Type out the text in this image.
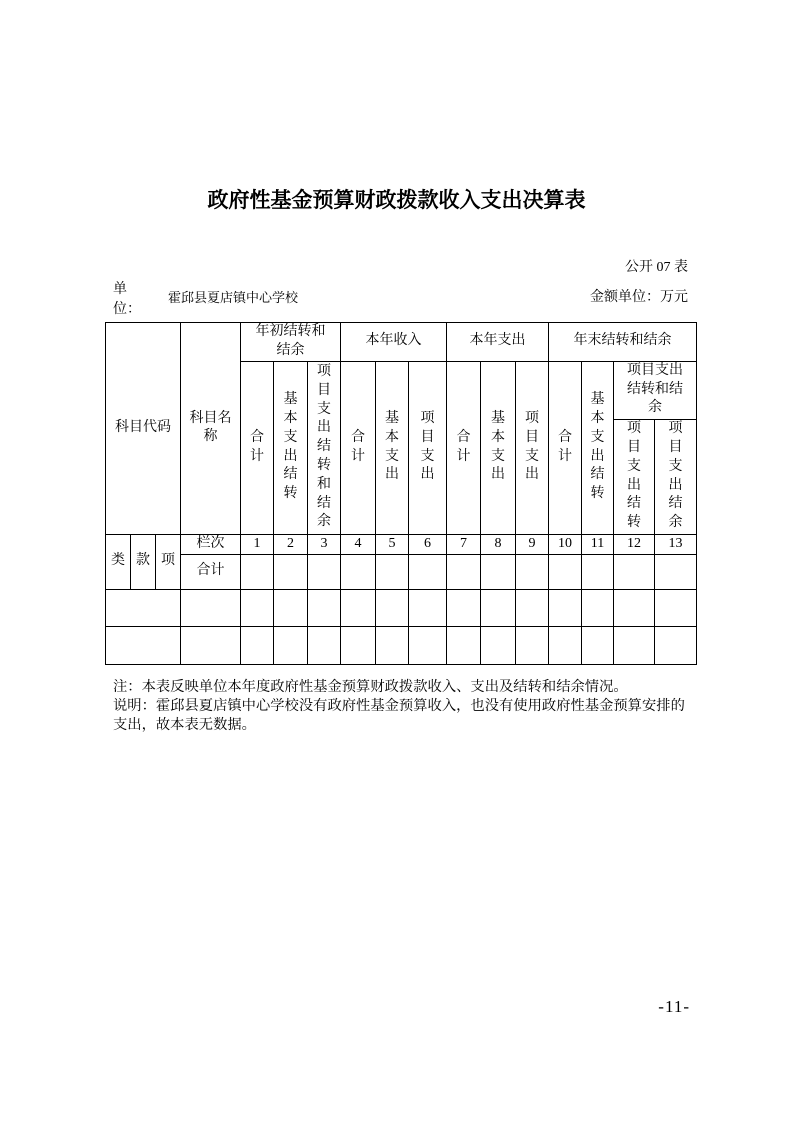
政府性基金预算财政拨款收入支出决算表
公开 07 表
单位：
霍邱县夏店镇中心学校	金额单位：万元
科目代码			科目名称	年初结转和结余			本年收入			本年支出			年末结转和结余			
				合计	基本支出结转	项目支出结转和结余	合计	基本支出	项目支出	合计	基本支出	项目支出	合计	基本支出结转	项目支出结转和结余	
															项目支出结转	项目支出结余
类	款	项	栏次	1	2	3	4	5	6	7	8	9	10	11	12	13
			合计													

注：本表反映单位本年度政府性基金预算财政拨款收入、支出及结转和结余情况。

说明：霍邱县夏店镇中心学校没有政府性基金预算收入，也没有使用政府性基金预算安排的支出，故本表无数据。

-11-
